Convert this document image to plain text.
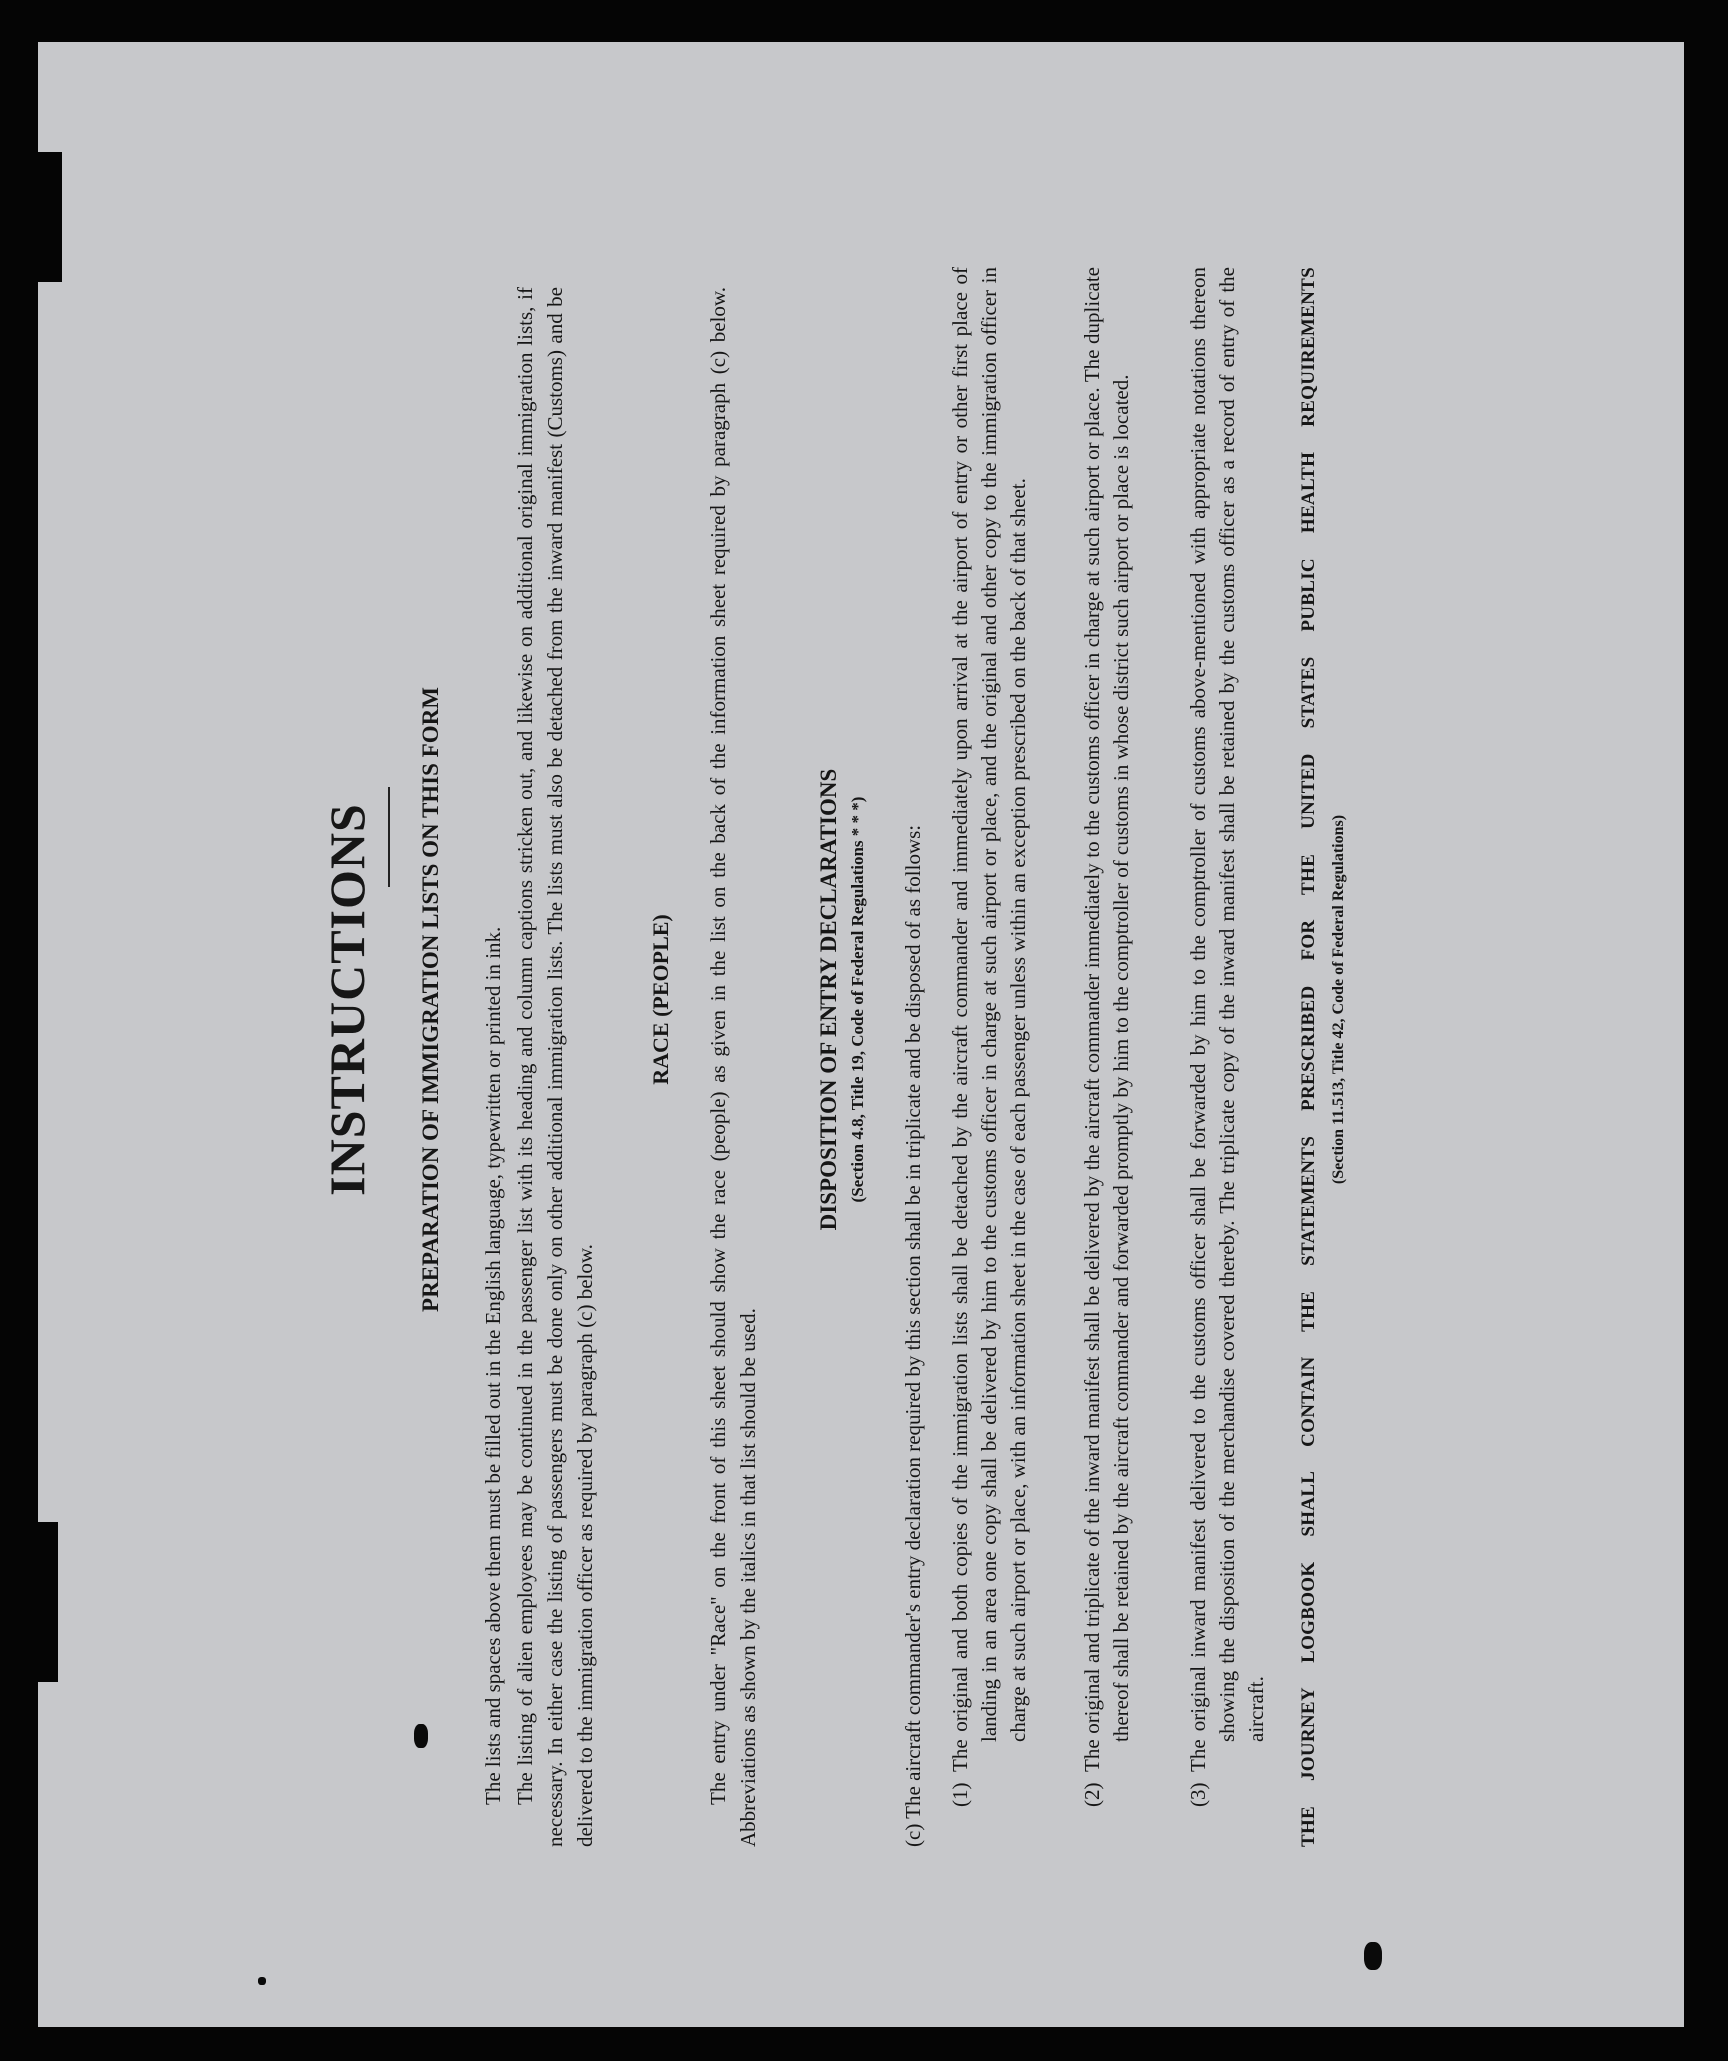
INSTRUCTIONS PREPARATION OF IMMIGRATION LISTS ON THIS FORM The lists and spaces above them must be filled out in the English language, typewritten or printed in ink. The listing of alien employees may be continued in the passenger list with its heading and column captions stricken out, and likewise on additional original immigration lists, if necessary. In either case the listing of passengers must be done only on other additional immigration lists. The lists must also be detached from the inward manifest (Customs) and be delivered to the immigration officer as required by paragraph (c) below.

RACE (PEOPLE) The entry under "Race" on the front of this sheet should show the race (people) as given in the list on the back of the information sheet required by paragraph (c) below. Abbreviations as shown by the italics in that list should be used.

DISPOSITION OF ENTRY DECLARATIONS (Section 4.8, Title 19, Code of Federal Regulations * * *) (c) The aircraft commander's entry declaration required by this section shall be in triplicate and be disposed of as follows: (1)
The original and both copies of the immigration lists shall be detached by the aircraft commander and immediately upon arrival at the airport of entry or other first place of landing in an area one copy shall be delivered by him to the customs officer in charge at such airport or place, and the original and other copy to the immigration officer in charge at such airport or place, with an information sheet in the case of each passenger unless within an exception prescribed on the back of that sheet.
(2)
The original and triplicate of the inward manifest shall be delivered by the aircraft commander immediately to the customs officer in charge at such airport or place. The duplicate thereof shall be retained by the aircraft commander and forwarded promptly by him to the comptroller of customs in whose district such airport or place is located.
(3)
The original inward manifest delivered to the customs officer shall be forwarded by him to the comptroller of customs above-mentioned with appropriate notations thereon showing the disposition of the merchandise covered thereby. The triplicate copy of the inward manifest shall be retained by the customs officer as a record of entry of the aircraft. THE JOURNEY LOGBOOK SHALL CONTAIN THE STATEMENTS PRESCRIBED FOR THE UNITED STATES PUBLIC HEALTH REQUIREMENTS (Section 11.513, Title 42, Code of Federal Regulations)
